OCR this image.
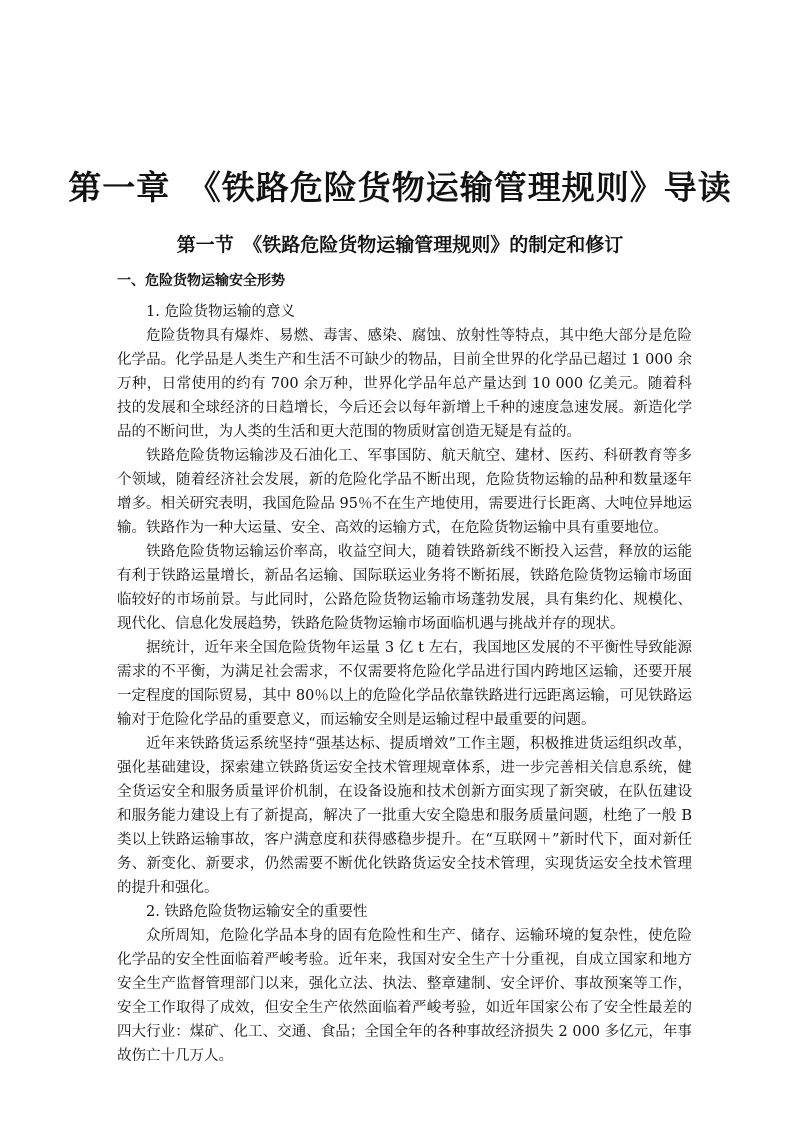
第一章　《铁路危险货物运输管理规则》导读
第一节　《铁路危险货物运输管理规则》的制定和修订
一、危险货物运输安全形势

1. 危险货物运输的意义

危险货物具有爆炸、易燃、毒害、感染、腐蚀、放射性等特点，其中绝大部分是危险化学品。化学品是人类生产和生活不可缺少的物品，目前全世界的化学品已超过 1 000 余万种，日常使用的约有 700 余万种，世界化学品年总产量达到 10 000 亿美元。随着科技的发展和全球经济的日趋增长，今后还会以每年新增上千种的速度急速发展。新造化学品的不断问世，为人类的生活和更大范围的物质财富创造无疑是有益的。

铁路危险货物运输涉及石油化工、军事国防、航天航空、建材、医药、科研教育等多个领域，随着经济社会发展，新的危险化学品不断出现，危险货物运输的品种和数量逐年增多。相关研究表明，我国危险品 95％不在生产地使用，需要进行长距离、大吨位异地运输。铁路作为一种大运量、安全、高效的运输方式，在危险货物运输中具有重要地位。

铁路危险货物运输运价率高，收益空间大，随着铁路新线不断投入运营，释放的运能有利于铁路运量增长，新品名运输、国际联运业务将不断拓展，铁路危险货物运输市场面临较好的市场前景。与此同时，公路危险货物运输市场蓬勃发展，具有集约化、规模化、现代化、信息化发展趋势，铁路危险货物运输市场面临机遇与挑战并存的现状。

据统计，近年来全国危险货物年运量 3 亿 t 左右，我国地区发展的不平衡性导致能源需求的不平衡，为满足社会需求，不仅需要将危险化学品进行国内跨地区运输，还要开展一定程度的国际贸易，其中 80％以上的危险化学品依靠铁路进行远距离运输，可见铁路运输对于危险化学品的重要意义，而运输安全则是运输过程中最重要的问题。

近年来铁路货运系统坚持“强基达标、提质增效”工作主题，积极推进货运组织改革，强化基础建设，探索建立铁路货运安全技术管理规章体系，进一步完善相关信息系统，健全货运安全和服务质量评价机制，在设备设施和技术创新方面实现了新突破，在队伍建设和服务能力建设上有了新提高，解决了一批重大安全隐患和服务质量问题，杜绝了一般 B 类以上铁路运输事故，客户满意度和获得感稳步提升。在“互联网＋”新时代下，面对新任务、新变化、新要求，仍然需要不断优化铁路货运安全技术管理，实现货运安全技术管理的提升和强化。

2. 铁路危险货物运输安全的重要性

众所周知，危险化学品本身的固有危险性和生产、储存、运输环境的复杂性，使危险化学品的安全性面临着严峻考验。近年来，我国对安全生产十分重视，自成立国家和地方安全生产监督管理部门以来，强化立法、执法、整章建制、安全评价、事故预案等工作，安全工作取得了成效，但安全生产依然面临着严峻考验，如近年国家公布了安全性最差的四大行业：煤矿、化工、交通、食品；全国全年的各种事故经济损失 2 000 多亿元，年事故伤亡十几万人。
